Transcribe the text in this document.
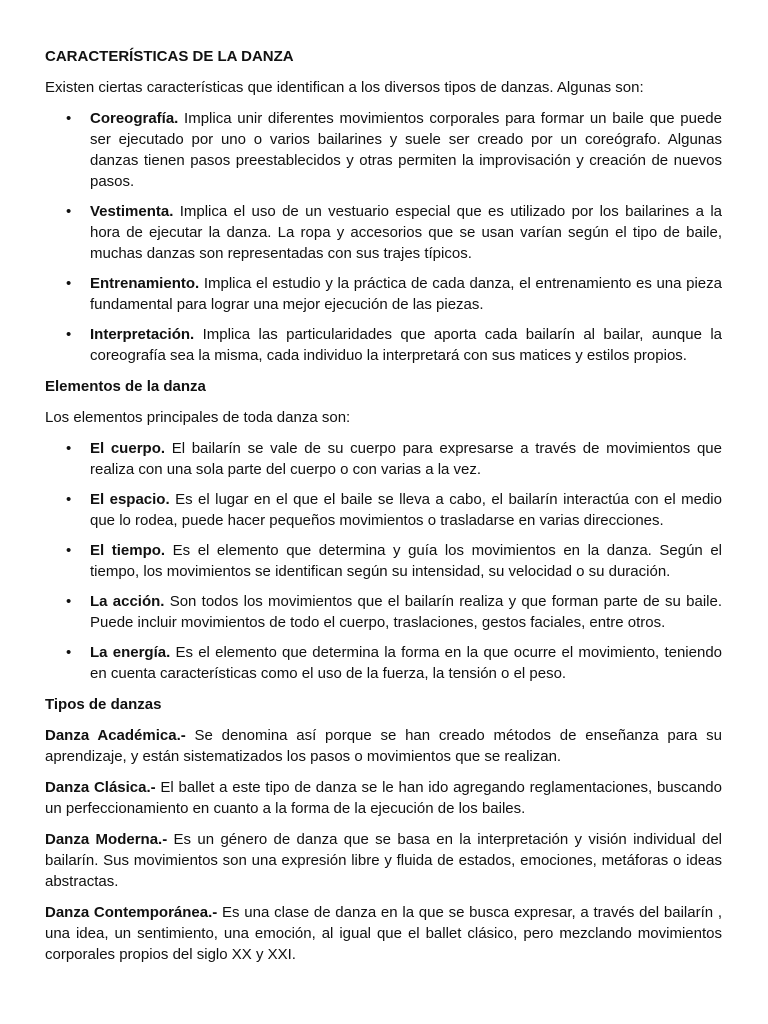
CARACTERÍSTICAS DE LA DANZA

Existen ciertas características que identifican a los diversos tipos de danzas. Algunas son:

• Coreografía. Implica unir diferentes movimientos corporales para formar un baile que puede ser ejecutado por uno o varios bailarines y suele ser creado por un coreógrafo. Algunas danzas tienen pasos preestablecidos y otras permiten la improvisación y creación de nuevos pasos.
• Vestimenta. Implica el uso de un vestuario especial que es utilizado por los bailarines a la hora de ejecutar la danza. La ropa y accesorios que se usan varían según el tipo de baile, muchas danzas son representadas con sus trajes típicos.
• Entrenamiento. Implica el estudio y la práctica de cada danza, el entrenamiento es una pieza fundamental para lograr una mejor ejecución de las piezas.
• Interpretación. Implica las particularidades que aporta cada bailarín al bailar, aunque la coreografía sea la misma, cada individuo la interpretará con sus matices y estilos propios.
Elementos de la danza

Los elementos principales de toda danza son:

• El cuerpo. El bailarín se vale de su cuerpo para expresarse a través de movimientos que realiza con una sola parte del cuerpo o con varias a la vez.
• El espacio. Es el lugar en el que el baile se lleva a cabo, el bailarín interactúa con el medio que lo rodea, puede hacer pequeños movimientos o trasladarse en varias direcciones.
• El tiempo. Es el elemento que determina y guía los movimientos en la danza. Según el tiempo, los movimientos se identifican según su intensidad, su velocidad o su duración.
• La acción. Son todos los movimientos que el bailarín realiza y que forman parte de su baile. Puede incluir movimientos de todo el cuerpo, traslaciones, gestos faciales, entre otros.
• La energía. Es el elemento que determina la forma en la que ocurre el movimiento, teniendo en cuenta características como el uso de la fuerza, la tensión o el peso.
Tipos de danzas

Danza Académica.- Se denomina así porque se han creado métodos de enseñanza para su aprendizaje, y están sistematizados los pasos o movimientos que se realizan.

Danza Clásica.- El ballet a este tipo de danza se le han ido agregando reglamentaciones, buscando un perfeccionamiento en cuanto a la forma de la ejecución de los bailes.

Danza Moderna.- Es un género de danza que se basa en la interpretación y visión individual del bailarín. Sus movimientos son una expresión libre y fluida de estados, emociones, metáforas o ideas abstractas.

Danza Contemporánea.- Es una clase de danza en la que se busca expresar, a través del bailarín , una idea, un sentimiento, una emoción, al igual que el ballet clásico, pero mezclando movimientos corporales propios del siglo XX y XXI.
